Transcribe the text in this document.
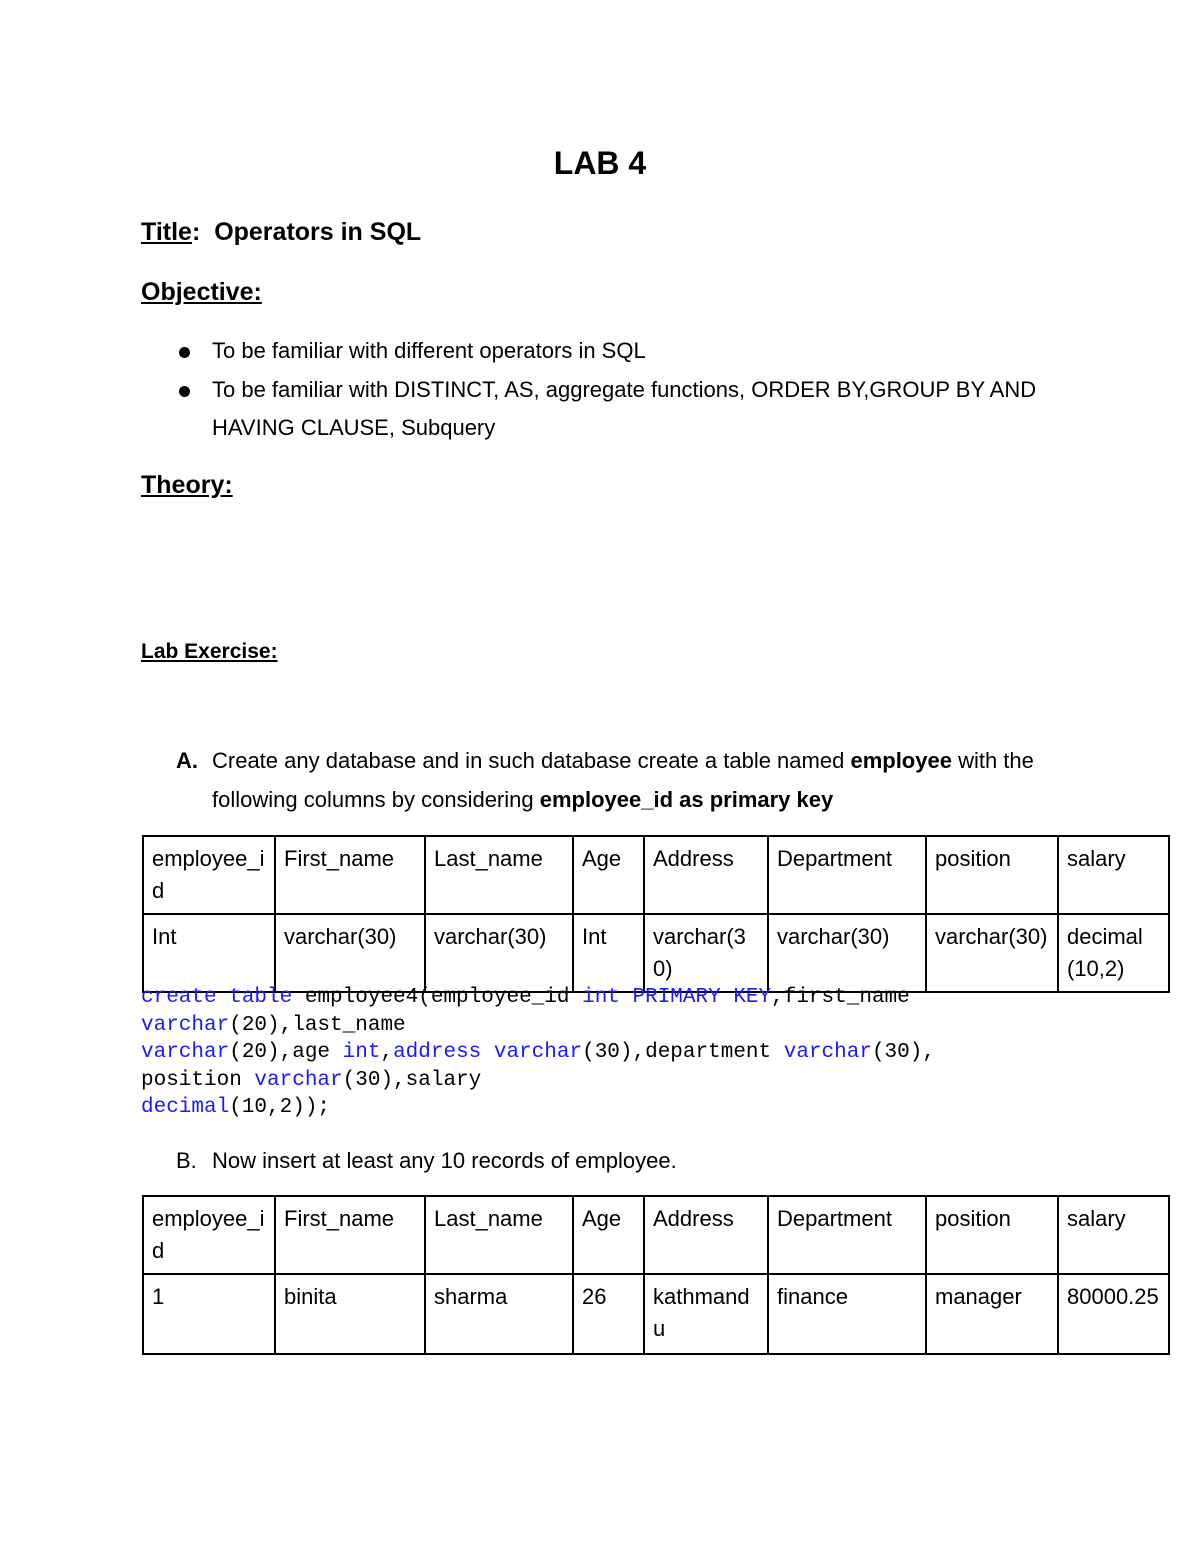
LAB 4
Title: Operators in SQL
Objective:
To be familiar with different operators in SQL
To be familiar with DISTINCT, AS, aggregate functions, ORDER BY,GROUP BY AND HAVING CLAUSE, Subquery
Theory:
Lab Exercise:
A. Create any database and in such database create a table named employee with the following columns by considering employee_id as primary key
employee_id	First_name	Last_name	Age	Address	Department	position	salary
Int	varchar(30)	varchar(30)	Int	varchar(30)	varchar(30)	varchar(30)	decimal(10,2)
create table employee4(employee_id int PRIMARY KEY,first_name
varchar(20),last_name
varchar(20),age int,address varchar(30),department varchar(30),
position varchar(30),salary
decimal(10,2));
B. Now insert at least any 10 records of employee.
employee_id	First_name	Last_name	Age	Address	Department	position	salary
1	binita	sharma	26	kathmandu	finance	manager	80000.25
